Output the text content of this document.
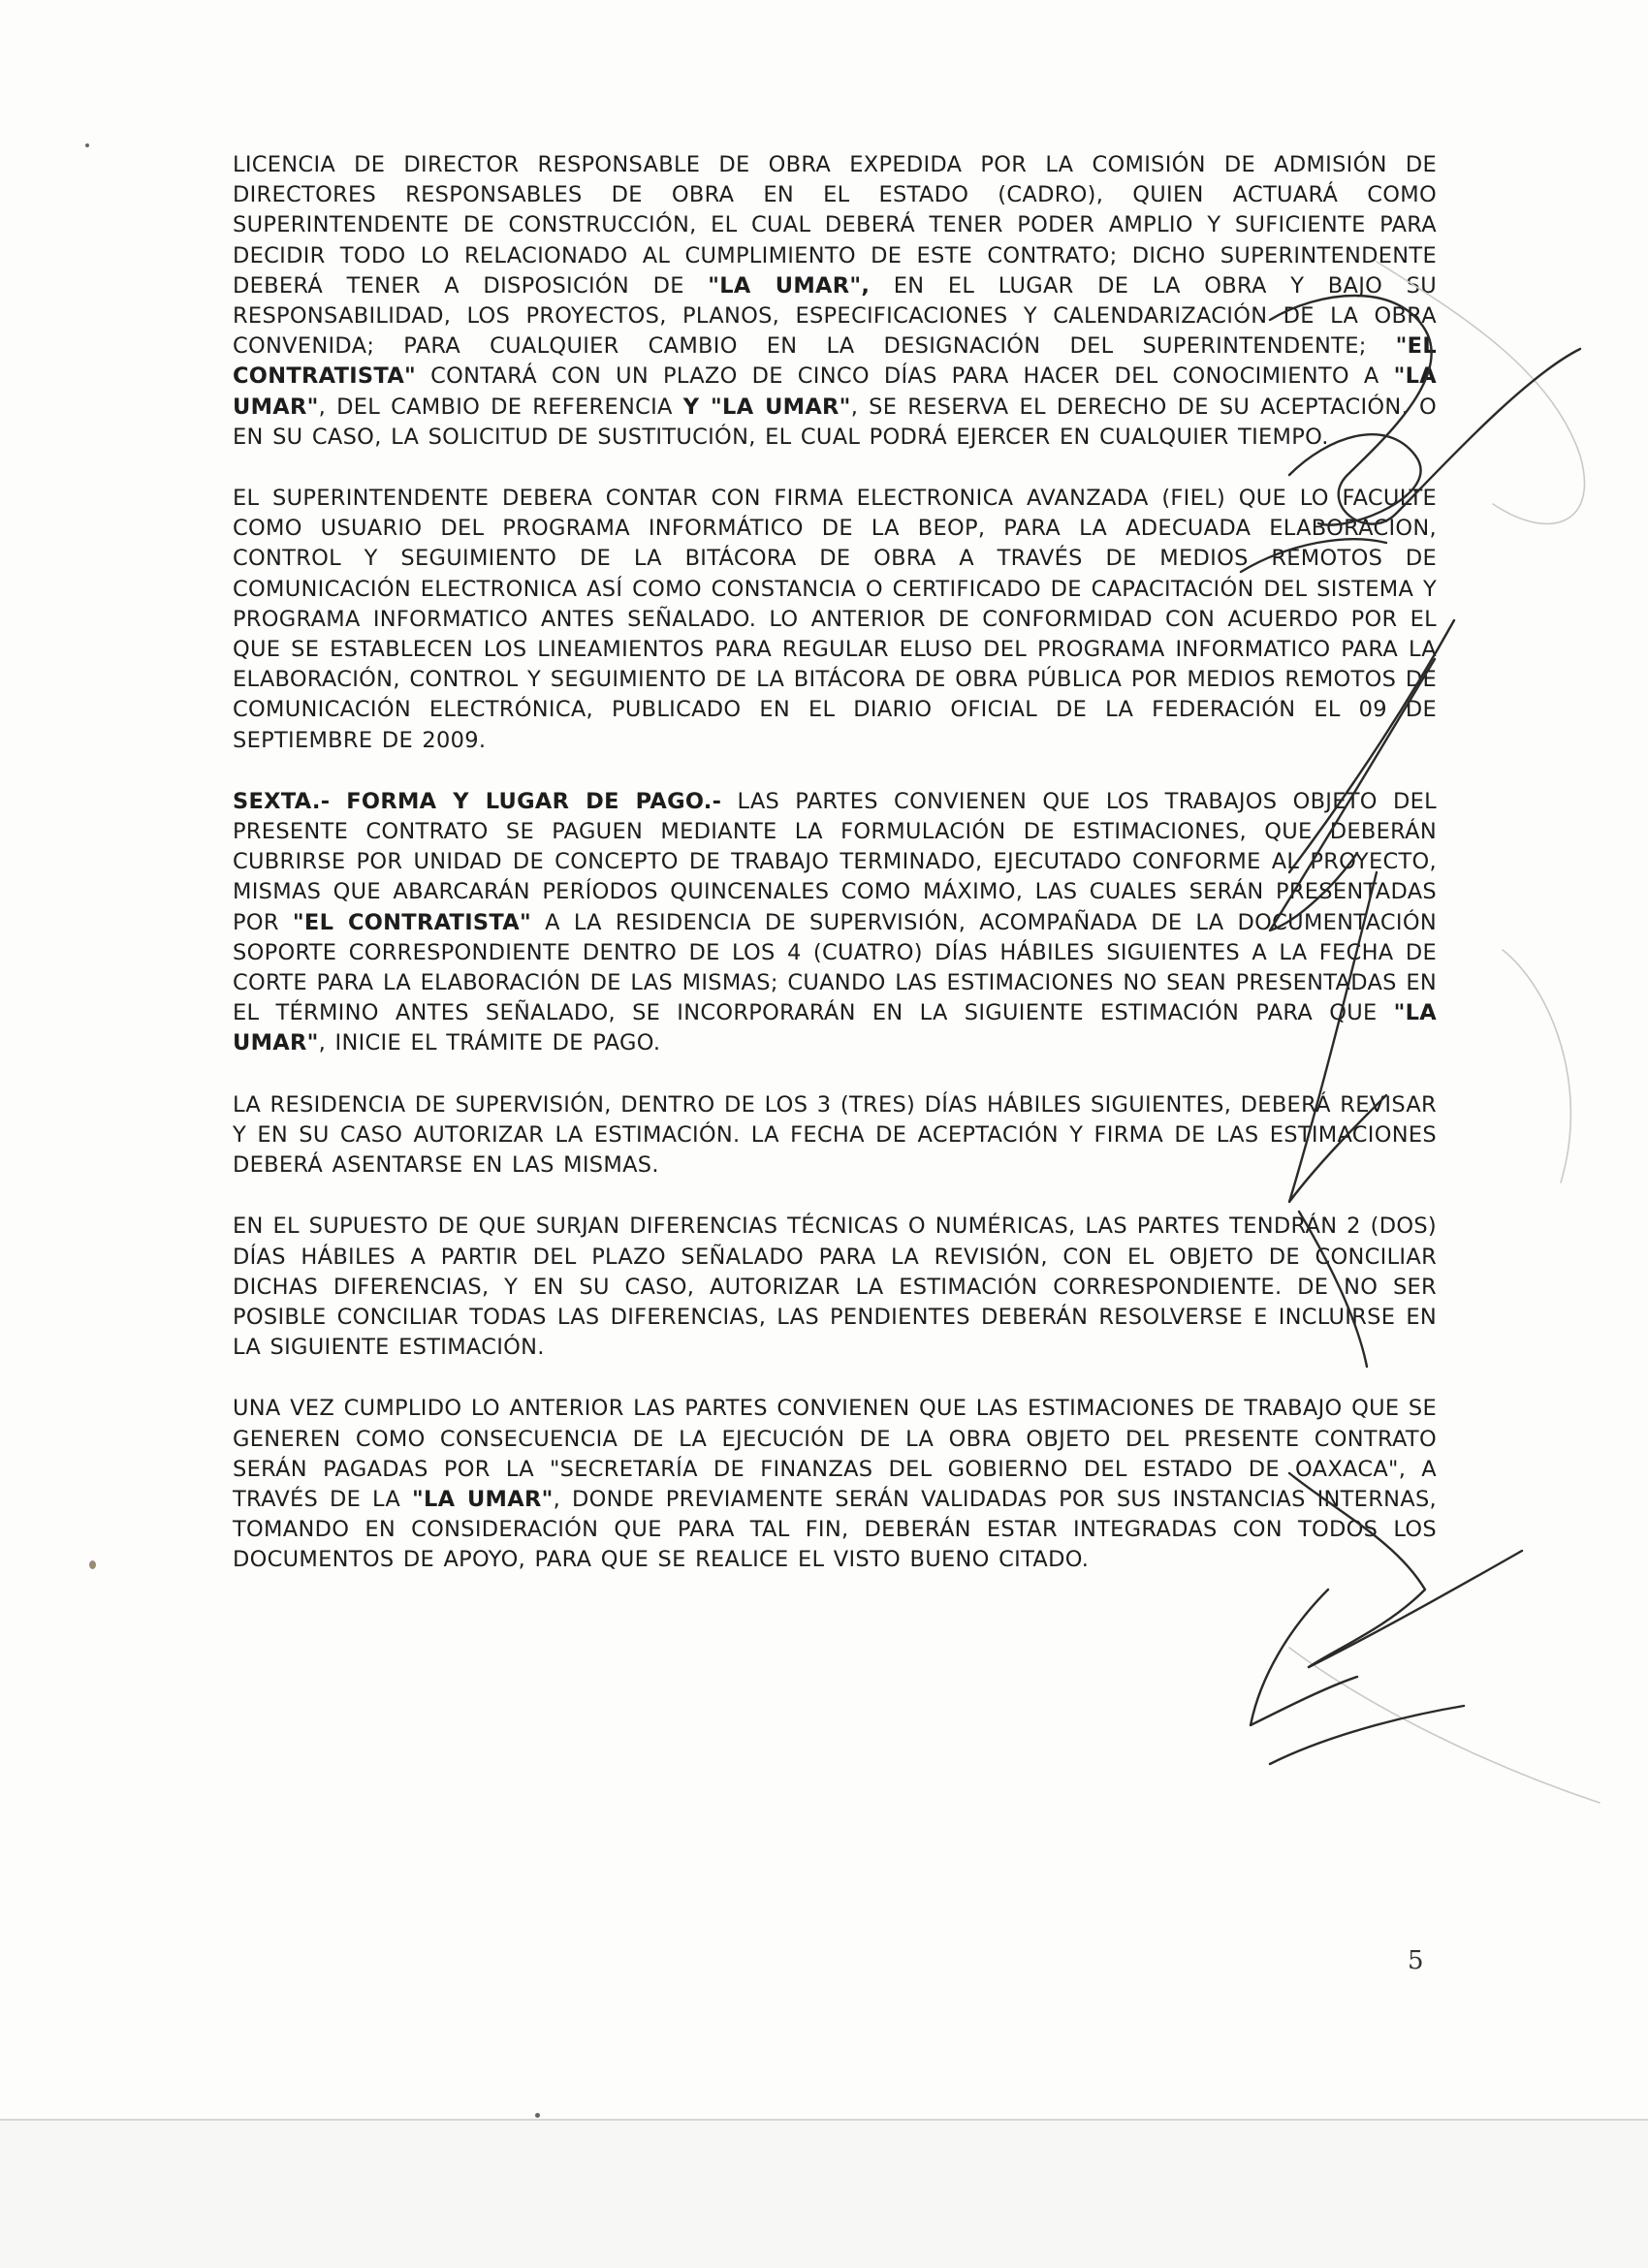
LICENCIA DE DIRECTOR RESPONSABLE DE OBRA EXPEDIDA POR LA COMISIÓN DE ADMISIÓN DE DIRECTORES RESPONSABLES DE OBRA EN EL ESTADO (CADRO), QUIEN ACTUARÁ COMO SUPERINTENDENTE DE CONSTRUCCIÓN, EL CUAL DEBERÁ TENER PODER AMPLIO Y SUFICIENTE PARA DECIDIR TODO LO RELACIONADO AL CUMPLIMIENTO DE ESTE CONTRATO; DICHO SUPERINTENDENTE DEBERÁ TENER A DISPOSICIÓN DE "LA UMAR", EN EL LUGAR DE LA OBRA Y BAJO SU RESPONSABILIDAD, LOS PROYECTOS, PLANOS, ESPECIFICACIONES Y CALENDARIZACIÓN DE LA OBRA CONVENIDA; PARA CUALQUIER CAMBIO EN LA DESIGNACIÓN DEL SUPERINTENDENTE; "EL CONTRATISTA" CONTARÁ CON UN PLAZO DE CINCO DÍAS PARA HACER DEL CONOCIMIENTO A "LA UMAR", DEL CAMBIO DE REFERENCIA Y "LA UMAR", SE RESERVA EL DERECHO DE SU ACEPTACIÓN, O EN SU CASO, LA SOLICITUD DE SUSTITUCIÓN, EL CUAL PODRÁ EJERCER EN CUALQUIER TIEMPO.

EL SUPERINTENDENTE DEBERA CONTAR CON FIRMA ELECTRONICA AVANZADA (FIEL) QUE LO FACULTE COMO USUARIO DEL PROGRAMA INFORMÁTICO DE LA BEOP, PARA LA ADECUADA ELABORACION, CONTROL Y SEGUIMIENTO DE LA BITÁCORA DE OBRA A TRAVÉS DE MEDIOS REMOTOS DE COMUNICACIÓN ELECTRONICA ASÍ COMO CONSTANCIA O CERTIFICADO DE CAPACITACIÓN DEL SISTEMA Y PROGRAMA INFORMATICO ANTES SEÑALADO. LO ANTERIOR DE CONFORMIDAD CON ACUERDO POR EL QUE SE ESTABLECEN LOS LINEAMIENTOS PARA REGULAR ELUSO DEL PROGRAMA INFORMATICO PARA LA ELABORACIÓN, CONTROL Y SEGUIMIENTO DE LA BITÁCORA DE OBRA PÚBLICA POR MEDIOS REMOTOS DE COMUNICACIÓN ELECTRÓNICA, PUBLICADO EN EL DIARIO OFICIAL DE LA FEDERACIÓN EL 09 DE SEPTIEMBRE DE 2009.

SEXTA.- FORMA Y LUGAR DE PAGO.- LAS PARTES CONVIENEN QUE LOS TRABAJOS OBJETO DEL PRESENTE CONTRATO SE PAGUEN MEDIANTE LA FORMULACIÓN DE ESTIMACIONES, QUE DEBERÁN CUBRIRSE POR UNIDAD DE CONCEPTO DE TRABAJO TERMINADO, EJECUTADO CONFORME AL PROYECTO, MISMAS QUE ABARCARÁN PERÍODOS QUINCENALES COMO MÁXIMO, LAS CUALES SERÁN PRESENTADAS POR "EL CONTRATISTA" A LA RESIDENCIA DE SUPERVISIÓN, ACOMPAÑADA DE LA DOCUMENTACIÓN SOPORTE CORRESPONDIENTE DENTRO DE LOS 4 (CUATRO) DÍAS HÁBILES SIGUIENTES A LA FECHA DE CORTE PARA LA ELABORACIÓN DE LAS MISMAS; CUANDO LAS ESTIMACIONES NO SEAN PRESENTADAS EN EL TÉRMINO ANTES SEÑALADO, SE INCORPORARÁN EN LA SIGUIENTE ESTIMACIÓN PARA QUE "LA UMAR", INICIE EL TRÁMITE DE PAGO.

LA RESIDENCIA DE SUPERVISIÓN, DENTRO DE LOS 3 (TRES) DÍAS HÁBILES SIGUIENTES, DEBERÁ REVISAR Y EN SU CASO AUTORIZAR LA ESTIMACIÓN. LA FECHA DE ACEPTACIÓN Y FIRMA DE LAS ESTIMACIONES DEBERÁ ASENTARSE EN LAS MISMAS.

EN EL SUPUESTO DE QUE SURJAN DIFERENCIAS TÉCNICAS O NUMÉRICAS, LAS PARTES TENDRÁN 2 (DOS) DÍAS HÁBILES A PARTIR DEL PLAZO SEÑALADO PARA LA REVISIÓN, CON EL OBJETO DE CONCILIAR DICHAS DIFERENCIAS, Y EN SU CASO, AUTORIZAR LA ESTIMACIÓN CORRESPONDIENTE. DE NO SER POSIBLE CONCILIAR TODAS LAS DIFERENCIAS, LAS PENDIENTES DEBERÁN RESOLVERSE E INCLUIRSE EN LA SIGUIENTE ESTIMACIÓN.

UNA VEZ CUMPLIDO LO ANTERIOR LAS PARTES CONVIENEN QUE LAS ESTIMACIONES DE TRABAJO QUE SE GENEREN COMO CONSECUENCIA DE LA EJECUCIÓN DE LA OBRA OBJETO DEL PRESENTE CONTRATO SERÁN PAGADAS POR LA "SECRETARÍA DE FINANZAS DEL GOBIERNO DEL ESTADO DE OAXACA", A TRAVÉS DE LA "LA UMAR", DONDE PREVIAMENTE SERÁN VALIDADAS POR SUS INSTANCIAS INTERNAS, TOMANDO EN CONSIDERACIÓN QUE PARA TAL FIN, DEBERÁN ESTAR INTEGRADAS CON TODOS LOS DOCUMENTOS DE APOYO, PARA QUE SE REALICE EL VISTO BUENO CITADO.

5
